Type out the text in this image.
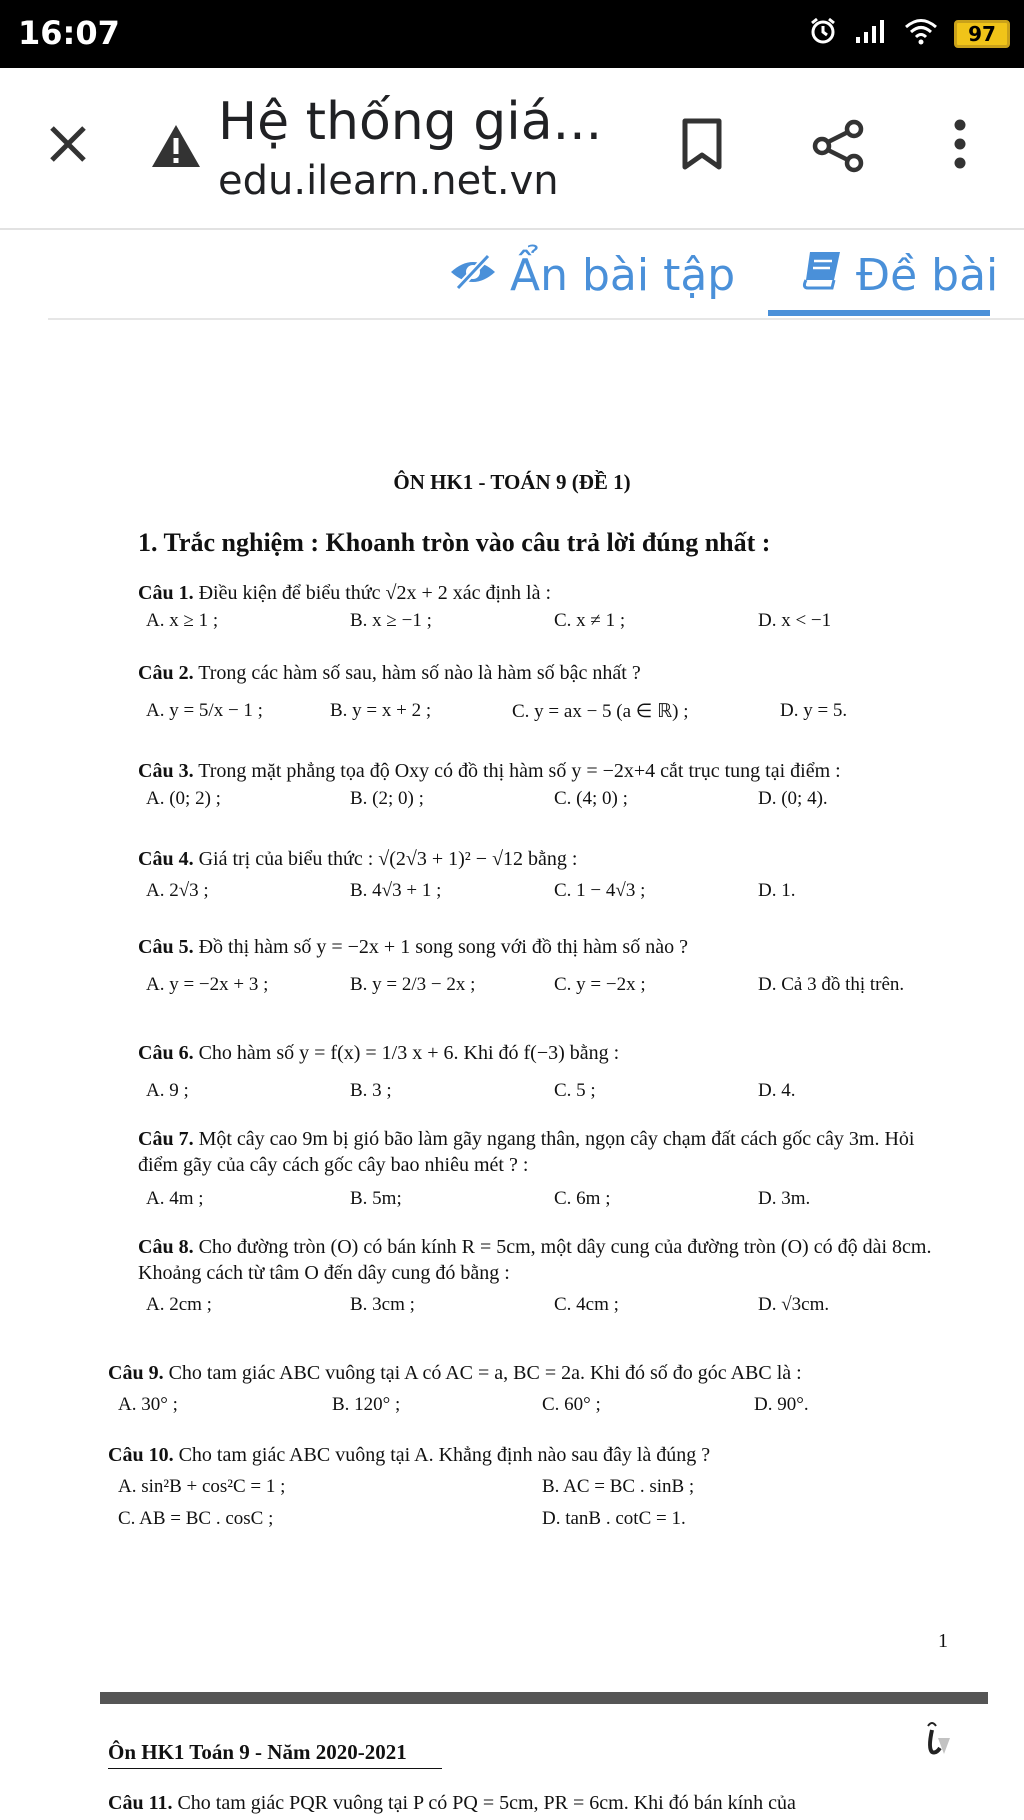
16:07	97
Hệ thống giá...
edu.ilearn.net.vn
Ẩn bài tập	Đề bài
ÔN HK1 - TOÁN 9 (ĐỀ 1)
1. Trắc nghiệm : Khoanh tròn vào câu trả lời đúng nhất :
Câu 1. Điều kiện để biểu thức √2x + 2 xác định là :
A. x ≥ 1 ;	B. x ≥ −1 ;	C. x ≠ 1 ;	D. x < −1
Câu 2. Trong các hàm số sau, hàm số nào là hàm số bậc nhất ?
A. y = 5/x − 1 ;	B. y = x + 2 ;	C. y = ax − 5 (a ∈ ℝ) ;	D. y = 5.
Câu 3. Trong mặt phẳng tọa độ Oxy có đồ thị hàm số y = −2x+4 cắt trục tung tại điểm :
A. (0; 2) ;	B. (2; 0) ;	C. (4; 0) ;	D. (0; 4).
Câu 4. Giá trị của biểu thức : √(2√3 + 1)² − √12 bằng :
A. 2√3 ;	B. 4√3 + 1 ;	C. 1 − 4√3 ;	D. 1.
Câu 5. Đồ thị hàm số y = −2x + 1 song song với đồ thị hàm số nào ?
A. y = −2x + 3 ;	B. y = 2/3 − 2x ;	C. y = −2x ;	D. Cả 3 đồ thị trên.
Câu 6. Cho hàm số y = f(x) = 1/3 x + 6. Khi đó f(−3) bằng :
A. 9 ;	B. 3 ;	C. 5 ;	D. 4.
Câu 7. Một cây cao 9m bị gió bão làm gãy ngang thân, ngọn cây chạm đất cách gốc cây 3m. Hỏi điểm gãy của cây cách gốc cây bao nhiêu mét ? :
A. 4m ;	B. 5m;	C. 6m ;	D. 3m.
Câu 8. Cho đường tròn (O) có bán kính R = 5cm, một dây cung của đường tròn (O) có độ dài 8cm. Khoảng cách từ tâm O đến dây cung đó bằng :
A. 2cm ;	B. 3cm ;	C. 4cm ;	D. √3cm.
Câu 9. Cho tam giác ABC vuông tại A có AC = a, BC = 2a. Khi đó số đo góc ABC là :
A. 30° ;	B. 120° ;	C. 60° ;	D. 90°.
Câu 10. Cho tam giác ABC vuông tại A. Khẳng định nào sau đây là đúng ?
A. sin²B + cos²C = 1 ;	B. AC = BC . sinB ;
C. AB = BC . cosC ;	D. tanB . cotC = 1.
1
Ôn HK1 Toán 9 - Năm 2020-2021
Câu 11. Cho tam giác PQR vuông tại P có PQ = 5cm, PR = 6cm. Khi đó bán kính của
